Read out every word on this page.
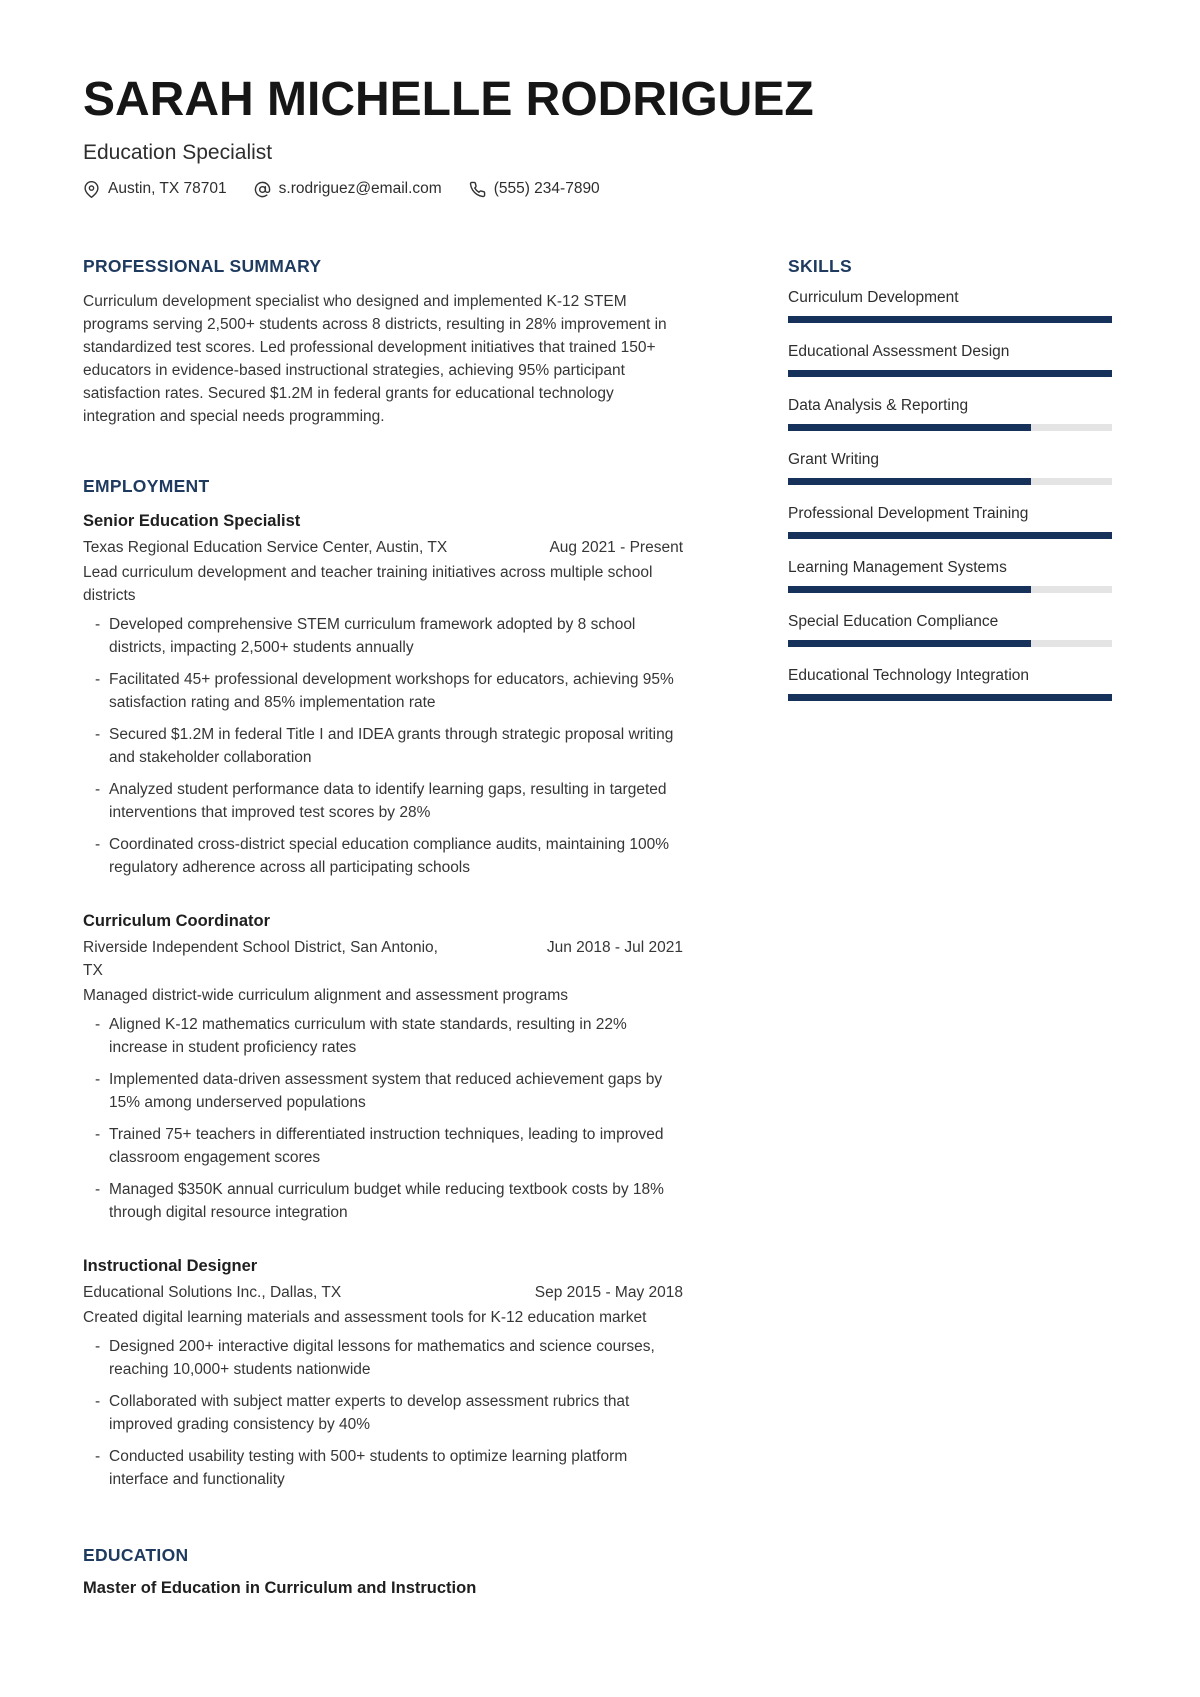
SARAH MICHELLE RODRIGUEZ
Education Specialist
Austin, TX 78701	s.rodriguez@email.com	(555) 234-7890
PROFESSIONAL SUMMARY

Curriculum development specialist who designed and implemented K-12 STEM programs serving 2,500+ students across 8 districts, resulting in 28% improvement in standardized test scores. Led professional development initiatives that trained 150+ educators in evidence-based instructional strategies, achieving 95% participant satisfaction rates. Secured $1.2M in federal grants for educational technology integration and special needs programming.

EMPLOYMENT
Senior Education Specialist
Texas Regional Education Service Center, Austin, TX	Aug 2021 - Present
Lead curriculum development and teacher training initiatives across multiple school districts
- Developed comprehensive STEM curriculum framework adopted by 8 school districts, impacting 2,500+ students annually
- Facilitated 45+ professional development workshops for educators, achieving 95% satisfaction rating and 85% implementation rate
- Secured $1.2M in federal Title I and IDEA grants through strategic proposal writing and stakeholder collaboration
- Analyzed student performance data to identify learning gaps, resulting in targeted interventions that improved test scores by 28%
- Coordinated cross-district special education compliance audits, maintaining 100% regulatory adherence across all participating schools
Curriculum Coordinator
Riverside Independent School District, San Antonio, TX
Jun 2018 - Jul 2021
Managed district-wide curriculum alignment and assessment programs
- Aligned K-12 mathematics curriculum with state standards, resulting in 22% increase in student proficiency rates
- Implemented data-driven assessment system that reduced achievement gaps by 15% among underserved populations
- Trained 75+ teachers in differentiated instruction techniques, leading to improved classroom engagement scores
- Managed $350K annual curriculum budget while reducing textbook costs by 18% through digital resource integration
Instructional Designer
Educational Solutions Inc., Dallas, TX	Sep 2015 - May 2018
Created digital learning materials and assessment tools for K-12 education market
- Designed 200+ interactive digital lessons for mathematics and science courses, reaching 10,000+ students nationwide
- Collaborated with subject matter experts to develop assessment rubrics that improved grading consistency by 40%
- Conducted usability testing with 500+ students to optimize learning platform interface and functionality
EDUCATION
Master of Education in Curriculum and Instruction
SKILLS
Curriculum Development
Educational Assessment Design
Data Analysis & Reporting
Grant Writing
Professional Development Training
Learning Management Systems
Special Education Compliance
Educational Technology Integration
